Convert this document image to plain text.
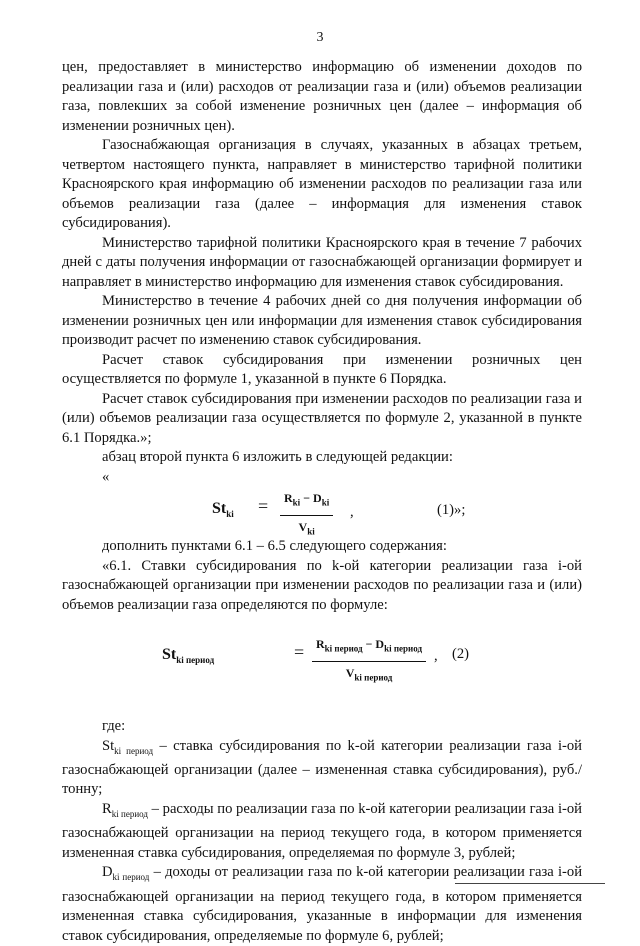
3

цен, предоставляет в министерство информацию об изменении доходов по реализации газа и (или) расходов от реализации газа и (или) объемов реализации газа, повлекших за собой изменение розничных цен (далее – информация об изменении розничных цен).

Газоснабжающая организация в случаях, указанных в абзацах третьем, четвертом настоящего пункта, направляет в министерство тарифной политики Красноярского края информацию об изменении расходов по реализации газа или объемов реализации газа (далее – информация для изменения ставок субсидирования).

Министерство тарифной политики Красноярского края в течение 7 рабочих дней с даты получения информации от газоснабжающей организации формирует и направляет в министерство информацию для изменения ставок субсидирования.

Министерство в течение 4 рабочих дней со дня получения информации об изменении розничных цен или информации для изменения ставок субсидирования производит расчет по изменению ставок субсидирования.

Расчет ставок субсидирования при изменении розничных цен осуществляется по формуле 1, указанной в пункте 6 Порядка.

Расчет ставок субсидирования при изменении расходов по реализации газа и (или) объемов реализации газа осуществляется по формуле 2, указанной в пункте 6.1 Порядка.»;

абзац второй пункта 6 изложить в следующей редакции:

«

$St_{ki}$ =	$R_{ki} - D_{ki}$
$V_{ki}$
,	(1)»;

дополнить пунктами 6.1 – 6.5 следующего содержания:

«6.1. Ставки субсидирования по k-ой категории реализации газа i-ой газоснабжающей организации при изменении расходов по реализации газа и (или) объемов реализации газа определяются по формуле:

$St_{ki период}$	= $R_{ki период} - D_{ki период}$
$V_{ki период}$
, (2)

где:

$St_{ki период}$ – ставка субсидирования по k-ой категории реализации газа i-ой газоснабжающей организации (далее – измененная ставка субсидирования), руб./тонну;

$R_{ki период}$ – расходы по реализации газа по k-ой категории реализации газа i-ой газоснабжающей организации на период текущего года, в котором применяется измененная ставка субсидирования, определяемая по формуле 3, рублей;

$D_{ki период}$ – доходы от реализации газа по k-ой категории реализации газа i-ой газоснабжающей организации на период текущего года, в котором применяется измененная ставка субсидирования, указанные в информации для изменения ставок субсидирования, определяемые по формуле 6, рублей;
